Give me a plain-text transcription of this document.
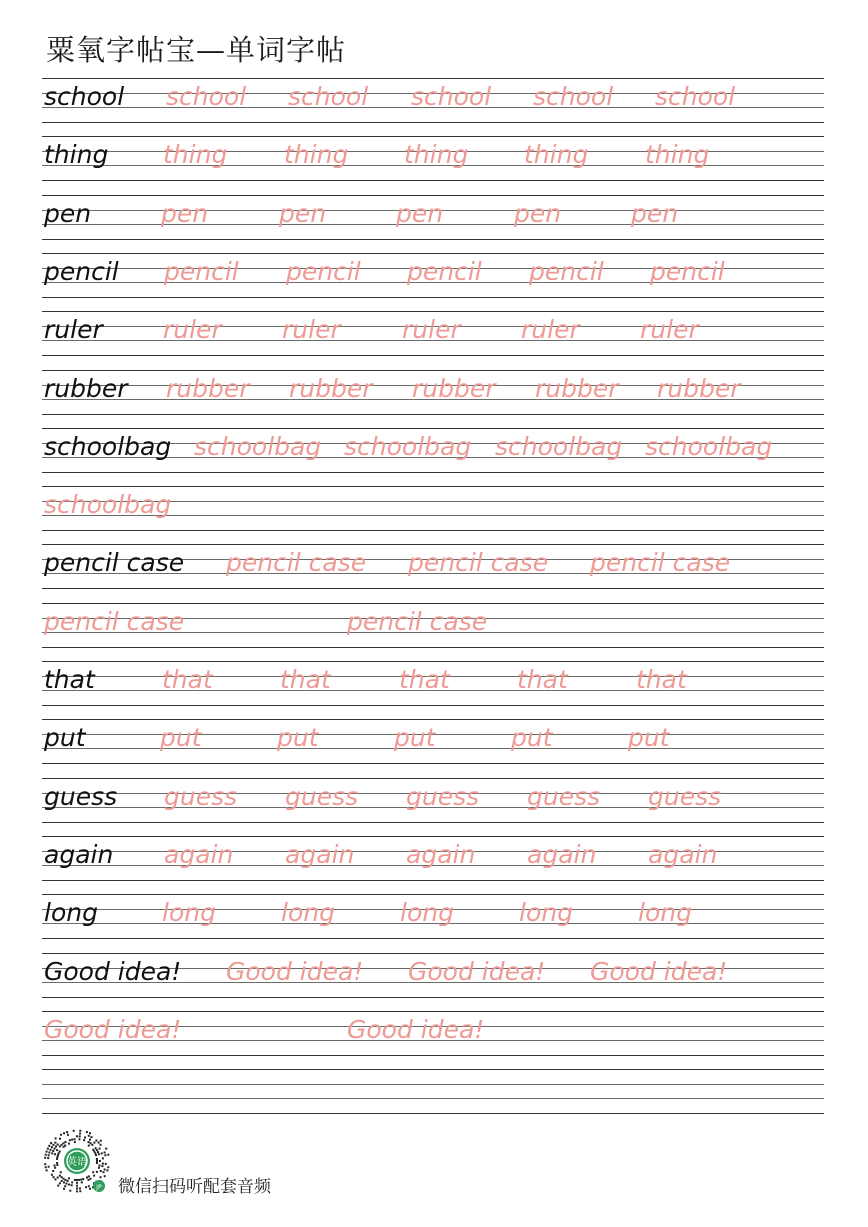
粟氧字帖宝—单词字帖
school school school school school school
thing thing thing thing thing thing
pen	pen	pen	pen	pen	pen
pencil pencil pencil pencil pencil pencil
ruler ruler ruler ruler ruler ruler
rubber rubber rubber rubber rubber rubber
schoolbag schoolbag schoolbag schoolbag schoolbag
schoolbag
pencil case pencil case pencil case pencil case
pencil case	pencil case
that	that	that	that	that	that
put	put	put	put	put	put
guess guess guess guess guess guess
again again again again again again
long	long	long	long	long	long
Good idea! Good idea! Good idea! Good idea!
Good idea!	Good idea!
英语
JP 微信扫码听配套音频
